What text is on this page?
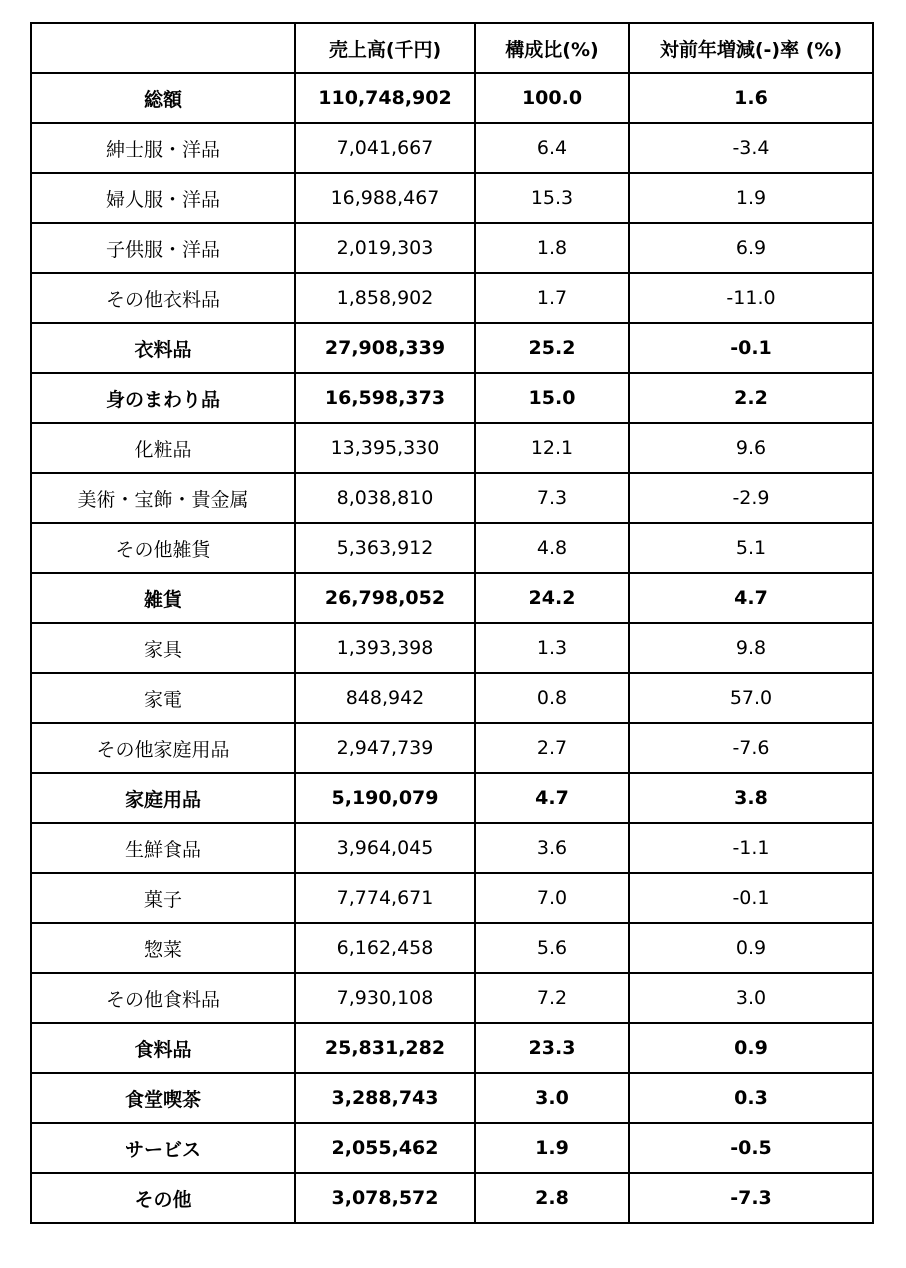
	売上高(千円)	構成比(%)	対前年増減(-)率 (%)
総額	110,748,902	100.0	1.6
紳士服・洋品	7,041,667	6.4	-3.4
婦人服・洋品	16,988,467	15.3	1.9
子供服・洋品	2,019,303	1.8	6.9
その他衣料品	1,858,902	1.7	-11.0
衣料品	27,908,339	25.2	-0.1
身のまわり品	16,598,373	15.0	2.2
化粧品	13,395,330	12.1	9.6
美術・宝飾・貴金属	8,038,810	7.3	-2.9
その他雑貨	5,363,912	4.8	5.1
雑貨	26,798,052	24.2	4.7
家具	1,393,398	1.3	9.8
家電	848,942	0.8	57.0
その他家庭用品	2,947,739	2.7	-7.6
家庭用品	5,190,079	4.7	3.8
生鮮食品	3,964,045	3.6	-1.1
菓子	7,774,671	7.0	-0.1
惣菜	6,162,458	5.6	0.9
その他食料品	7,930,108	7.2	3.0
食料品	25,831,282	23.3	0.9
食堂喫茶	3,288,743	3.0	0.3
サービス	2,055,462	1.9	-0.5
その他	3,078,572	2.8	-7.3
